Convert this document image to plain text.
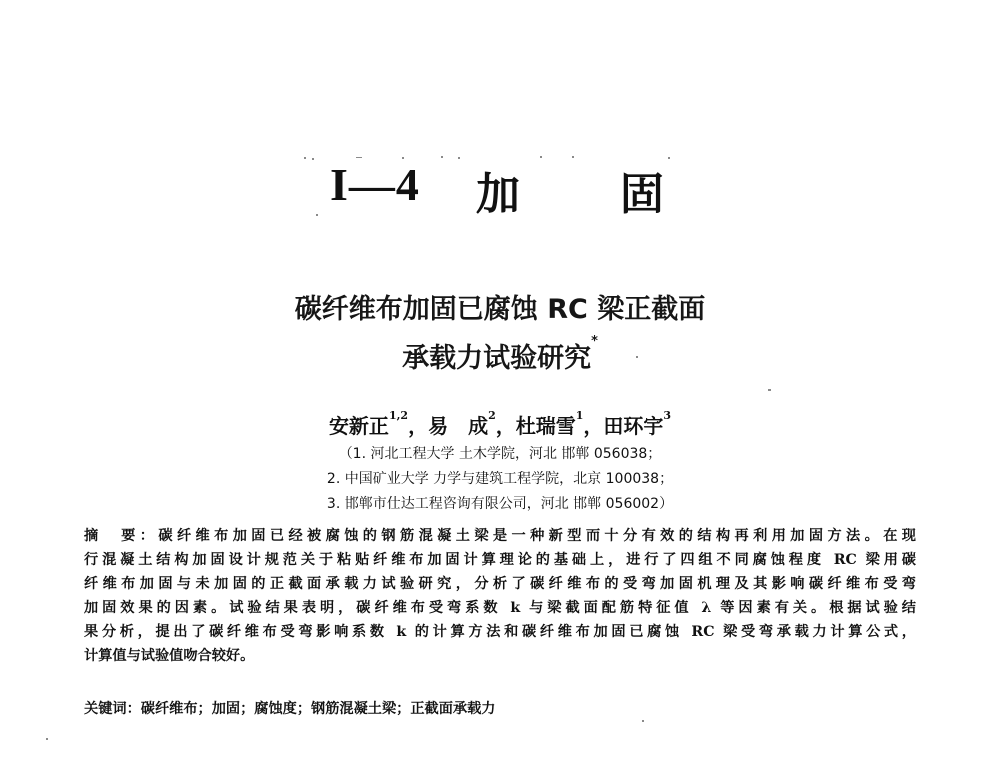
I—4 加 固
碳纤维布加固已腐蚀 RC 梁正截面
承载力试验研究*
安新正$^{1,2}$，易　成$^2$，杜瑞雪$^1$，田环宇$^3$
（1. 河北工程大学 土木学院，河北 邯郸 056038；
2. 中国矿业大学 力学与建筑工程学院，北京 100038；
3. 邯郸市仕达工程咨询有限公司，河北 邯郸 056002）
摘　要：碳纤维布加固已经被腐蚀的钢筋混凝土梁是一种新型而十分有效的结构再利用加固方法。在现
行混凝土结构加固设计规范关于粘贴纤维布加固计算理论的基础上，进行了四组不同腐蚀程度 RC 梁用碳
纤维布加固与未加固的正截面承载力试验研究，分析了碳纤维布的受弯加固机理及其影响碳纤维布受弯
加固效果的因素。试验结果表明，碳纤维布受弯系数 k 与梁截面配筋特征值 λ 等因素有关。根据试验结
果分析，提出了碳纤维布受弯影响系数 k 的计算方法和碳纤维布加固已腐蚀 RC 梁受弯承载力计算公式，
计算值与试验值吻合较好。
关键词：碳纤维布；加固；腐蚀度；钢筋混凝土梁；正截面承载力
